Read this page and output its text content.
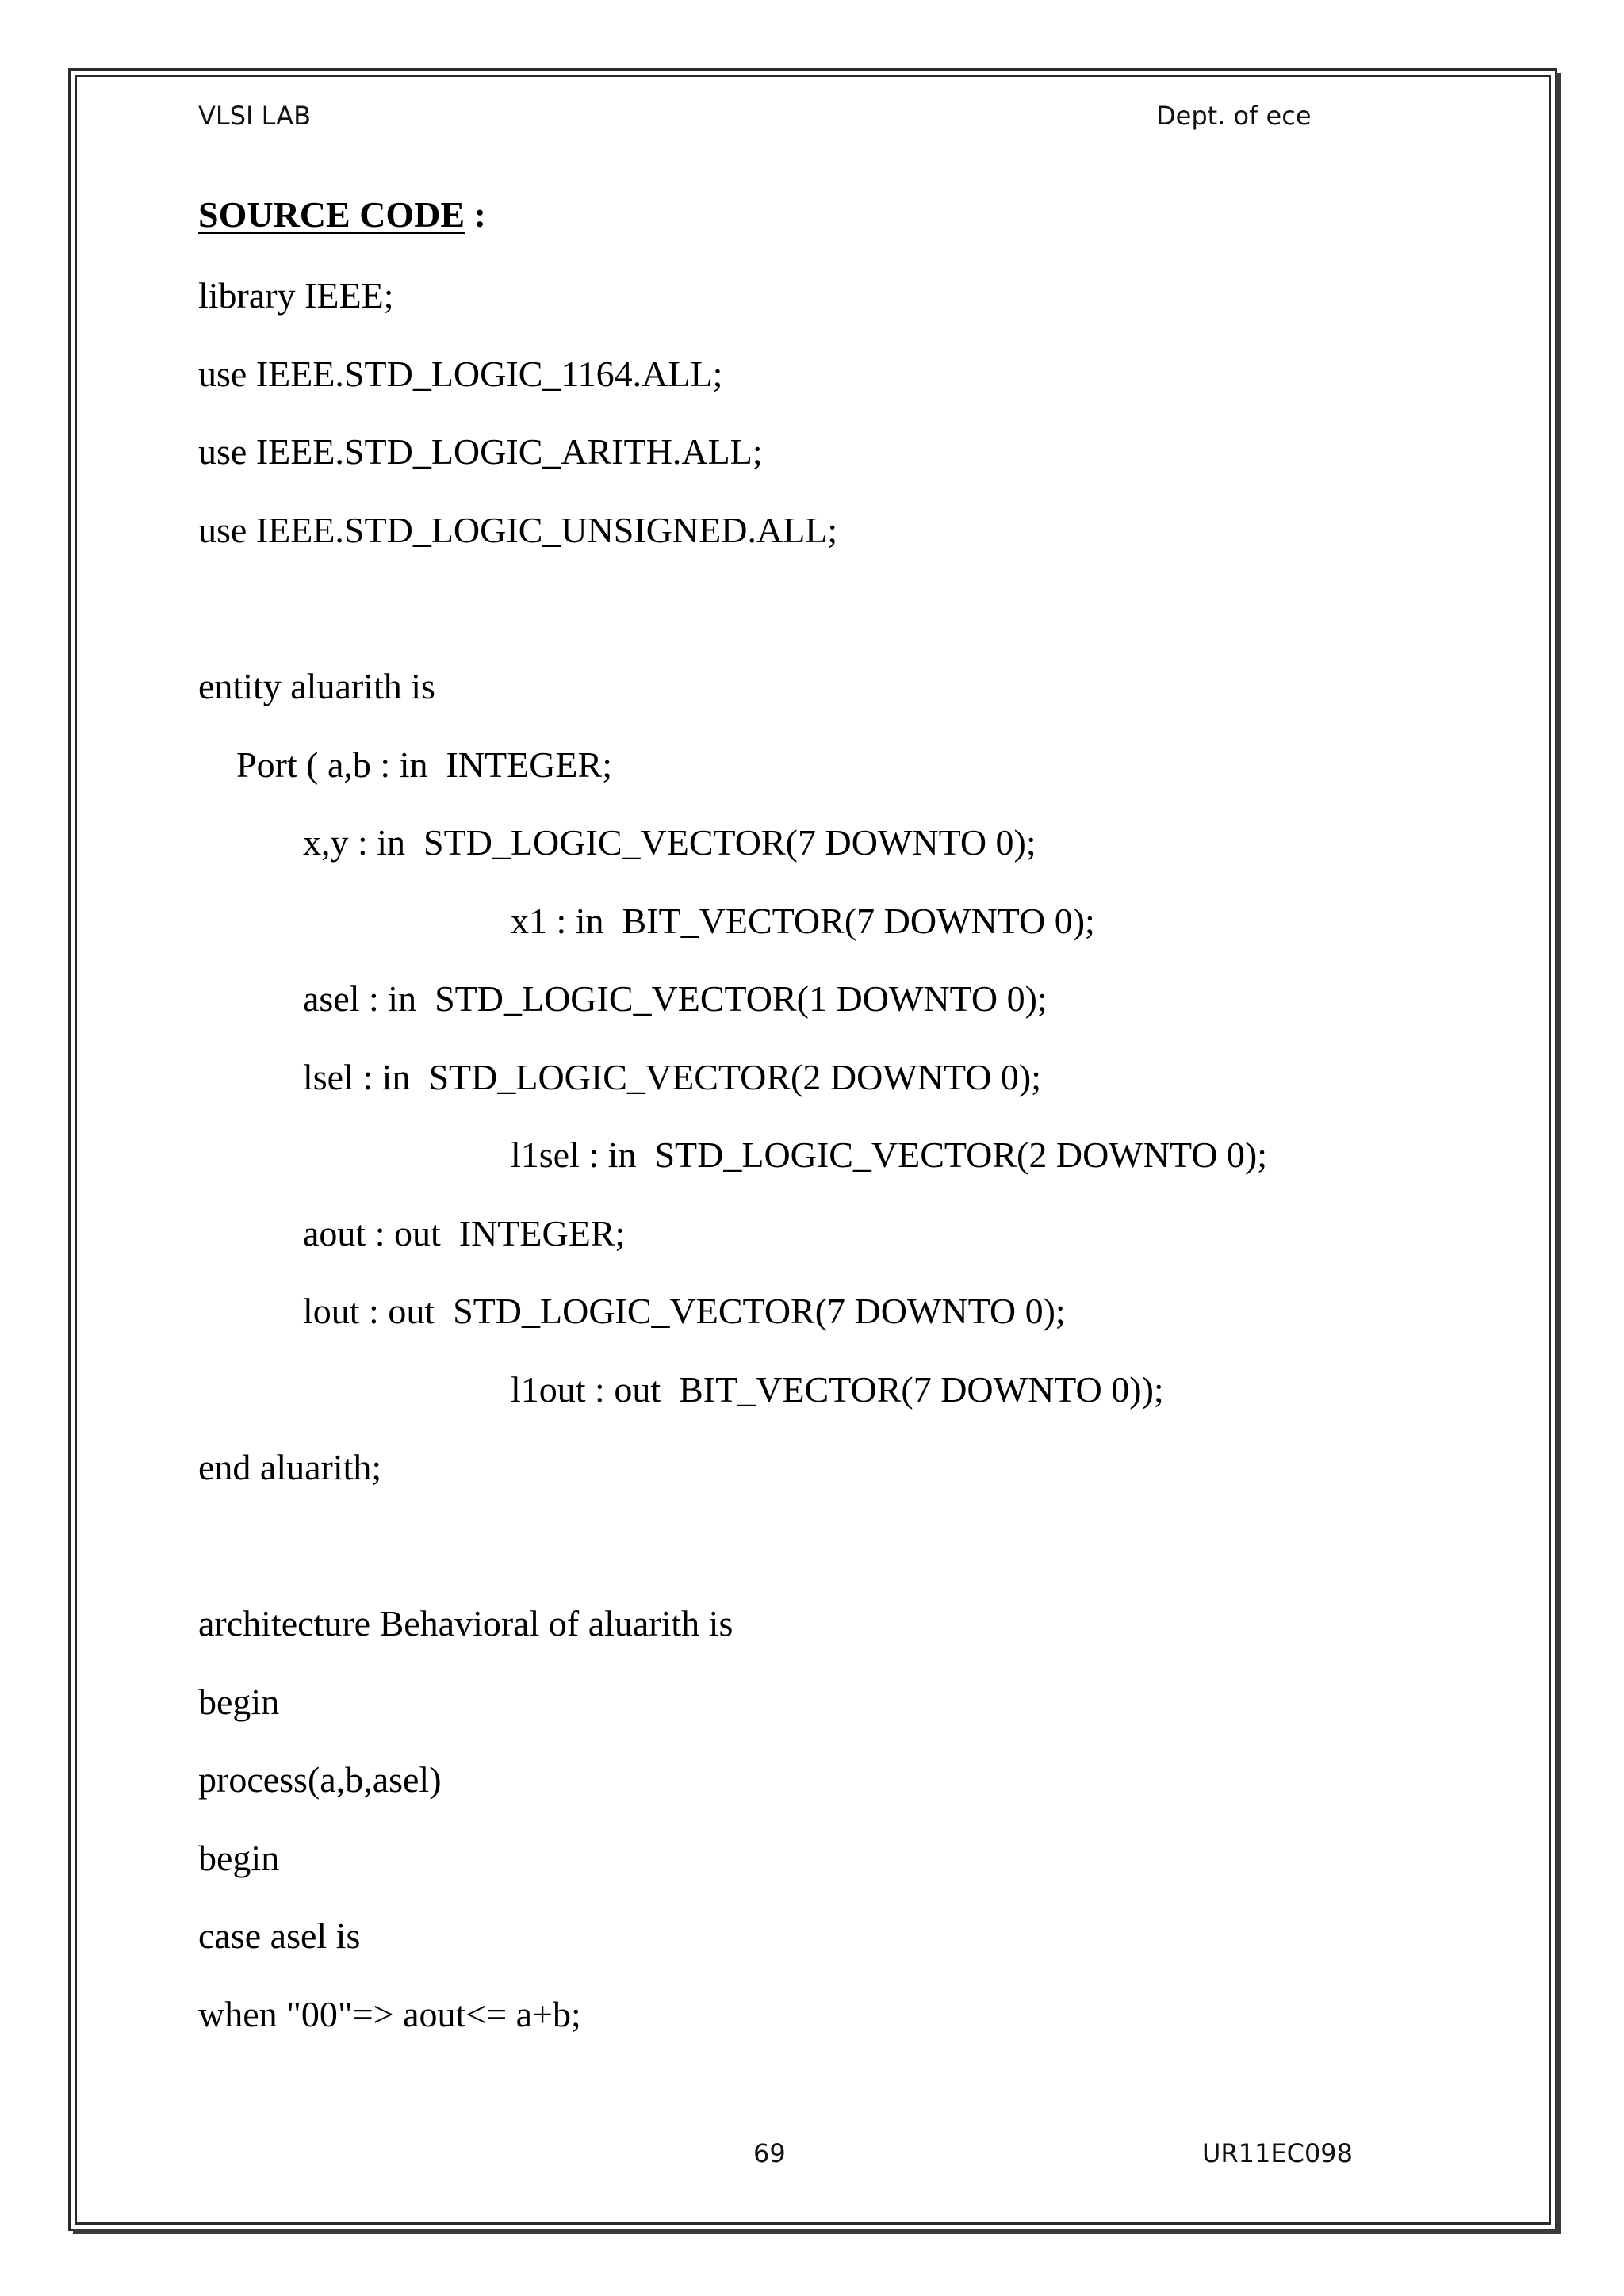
VLSI LAB	Dept. of ece
SOURCE CODE :
library IEEE;
use IEEE.STD_LOGIC_1164.ALL;
use IEEE.STD_LOGIC_ARITH.ALL;
use IEEE.STD_LOGIC_UNSIGNED.ALL;
entity aluarith is
Port ( a,b : in  INTEGER;
x,y : in  STD_LOGIC_VECTOR(7 DOWNTO 0);
x1 : in  BIT_VECTOR(7 DOWNTO 0);
asel : in  STD_LOGIC_VECTOR(1 DOWNTO 0);
lsel : in  STD_LOGIC_VECTOR(2 DOWNTO 0);
l1sel : in  STD_LOGIC_VECTOR(2 DOWNTO 0);
aout : out  INTEGER;
lout : out  STD_LOGIC_VECTOR(7 DOWNTO 0);
l1out : out  BIT_VECTOR(7 DOWNTO 0));
end aluarith;
architecture Behavioral of aluarith is
begin
process(a,b,asel)
begin
case asel is
when "00"=> aout<= a+b;
69	UR11EC098
